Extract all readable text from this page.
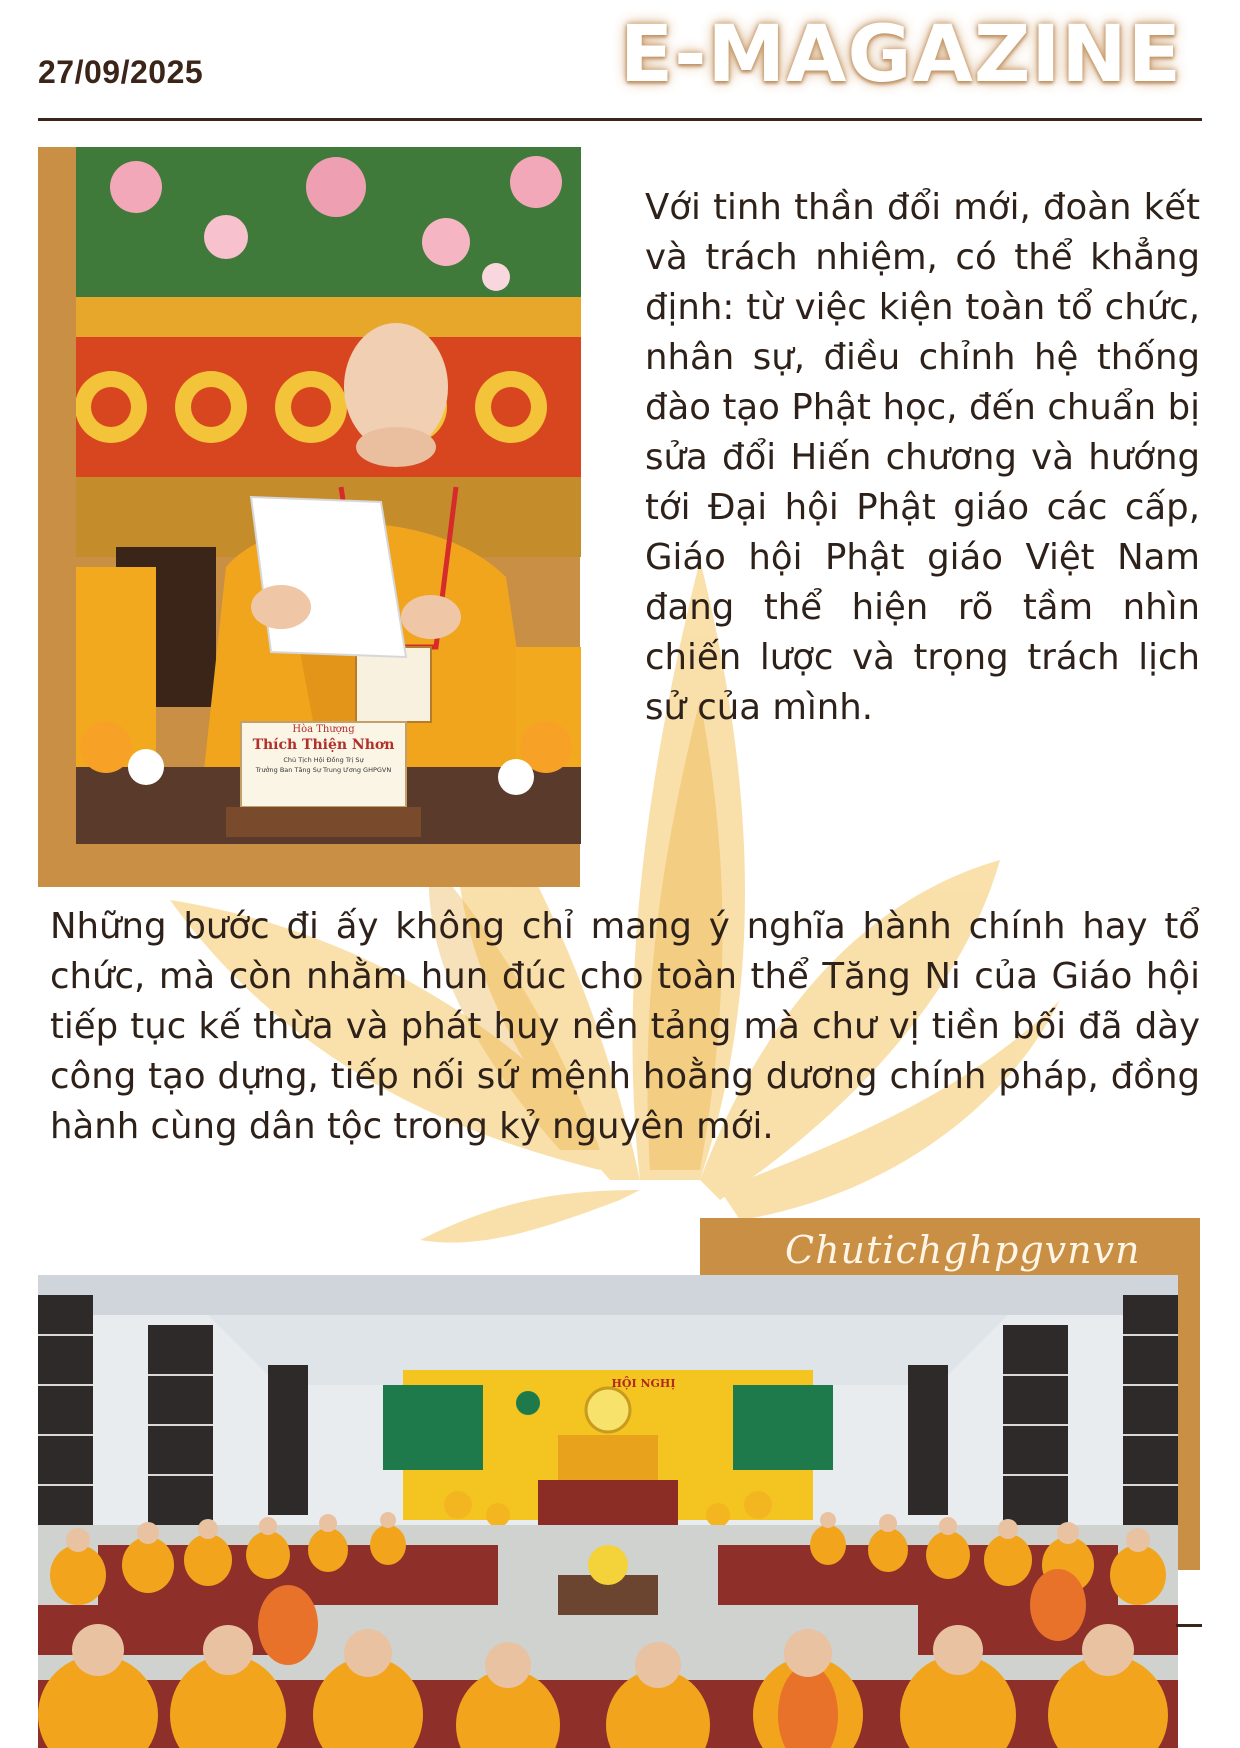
27/09/2025	E-MAGAZINE
Hòa Thượng
Thích Thiện Nhơn
Chủ Tịch Hội Đồng Trị Sự
Trưởng Ban Tăng Sự Trung Ương GHPGVN
Với tinh thần đổi mới, đoàn kết và trách nhiệm, có thể khẳng định: từ việc kiện toàn tổ chức, nhân sự, điều chỉnh hệ thống đào tạo Phật học, đến chuẩn bị sửa đổi Hiến chương và hướng tới Đại hội Phật giáo các cấp, Giáo hội Phật giáo Việt Nam đang thể hiện rõ tầm nhìn chiến lược và trọng trách lịch sử của mình.
Những bước đi ấy không chỉ mang ý nghĩa hành chính hay tổ chức, mà còn nhằm hun đúc cho toàn thể Tăng Ni của Giáo hội tiếp tục kế thừa và phát huy nền tảng mà chư vị tiền bối đã dày công tạo dựng, tiếp nối sứ mệnh hoằng dương chính pháp, đồng hành cùng dân tộc trong kỷ nguyên mới.
Chutichghpgvnvn
HỘI NGHỊ
